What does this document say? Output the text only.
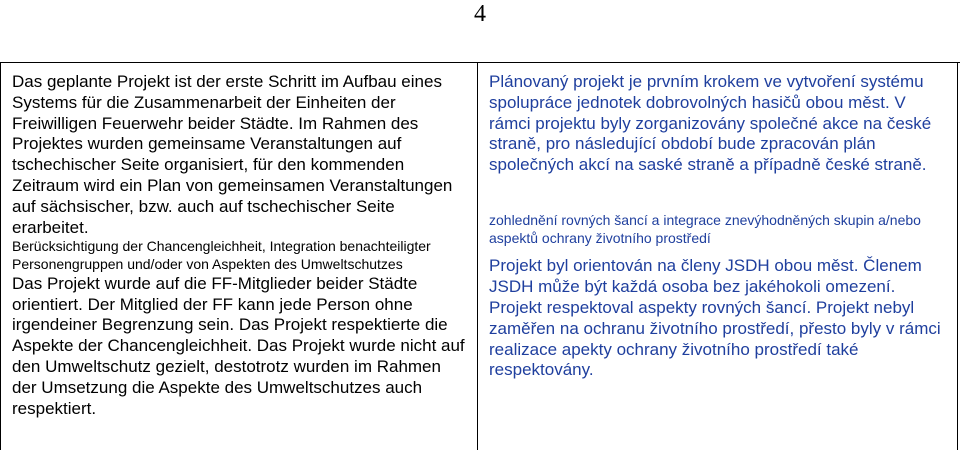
4

Das geplante Projekt ist der erste Schritt im Aufbau eines Systems für die Zusammenarbeit der Einheiten der Freiwilligen Feuerwehr beider Städte. Im Rahmen des Projektes wurden gemeinsame Veranstaltungen auf tschechischer Seite organisiert, für den kommenden Zeitraum wird ein Plan von gemeinsamen Veranstaltungen auf sächsischer, bzw. auch auf tschechischer Seite erarbeitet.

Berücksichtigung der Chancengleichheit, Integration benachteiligter Personengruppen und/oder von Aspekten des Umweltschutzes

Das Projekt wurde auf die FF-Mitglieder beider Städte orientiert. Der Mitglied der FF kann jede Person ohne irgendeiner Begrenzung sein. Das Projekt respektierte die Aspekte der Chancengleichheit. Das Projekt wurde nicht auf den Umweltschutz gezielt, destotrotz wurden im Rahmen der Umsetzung die Aspekte des Umweltschutzes auch respektiert.

Plánovaný projekt je prvním krokem ve vytvoření systému spolupráce jednotek dobrovolných hasičů obou měst. V rámci projektu byly zorganizovány společné akce na české straně, pro následující období bude zpracován plán společných akcí na saské straně a případně české straně.

zohlednění rovných šancí a integrace znevýhodněných skupin a/nebo aspektů ochrany životního prostředí

Projekt byl orientován na členy JSDH obou měst. Členem JSDH může být každá osoba bez jakéhokoli omezení. Projekt respektoval aspekty rovných šancí. Projekt nebyl zaměřen na ochranu životního prostředí, přesto byly v rámci realizace apekty ochrany životního prostředí také respektovány.
